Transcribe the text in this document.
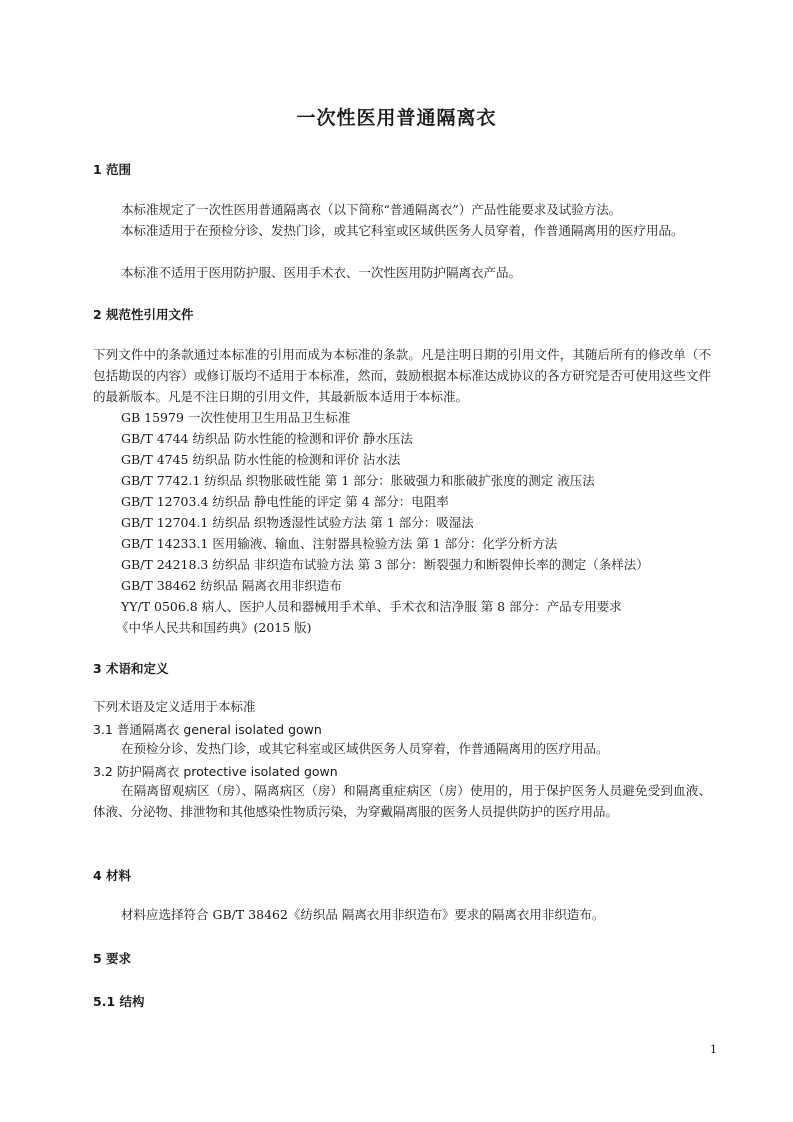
一次性医用普通隔离衣
1 范围
本标准规定了一次性医用普通隔离衣（以下简称“普通隔离衣”）产品性能要求及试验方法。
本标准适用于在预检分诊、发热门诊，或其它科室或区域供医务人员穿着，作普通隔离用的医疗用品。
本标准不适用于医用防护服、医用手术衣、一次性医用防护隔离衣产品。
2 规范性引用文件
下列文件中的条款通过本标准的引用而成为本标准的条款。凡是注明日期的引用文件，其随后所有的修改单（不包括勘误的内容）或修订版均不适用于本标准，然而，鼓励根据本标准达成协议的各方研究是否可使用这些文件的最新版本。凡是不注日期的引用文件，其最新版本适用于本标准。
GB 15979 一次性使用卫生用品卫生标准
GB/T 4744 纺织品 防水性能的检测和评价 静水压法
GB/T 4745 纺织品 防水性能的检测和评价 沾水法
GB/T 7742.1 纺织品 织物胀破性能 第 1 部分：胀破强力和胀破扩张度的测定 液压法
GB/T 12703.4 纺织品 静电性能的评定 第 4 部分：电阻率
GB/T 12704.1 纺织品 织物透湿性试验方法 第 1 部分：吸湿法
GB/T 14233.1 医用输液、输血、注射器具检验方法 第 1 部分：化学分析方法
GB/T 24218.3 纺织品 非织造布试验方法 第 3 部分：断裂强力和断裂伸长率的测定（条样法）
GB/T 38462 纺织品 隔离衣用非织造布
YY/T 0506.8 病人、医护人员和器械用手术单、手术衣和洁净服 第 8 部分：产品专用要求
《中华人民共和国药典》(2015 版)
3 术语和定义
下列术语及定义适用于本标准
3.1 普通隔离衣 general isolated gown
在预检分诊、发热门诊，或其它科室或区域供医务人员穿着，作普通隔离用的医疗用品。
3.2 防护隔离衣 protective isolated gown
在隔离留观病区（房）、隔离病区（房）和隔离重症病区（房）使用的，用于保护医务人员避免受到血液、体液、分泌物、排泄物和其他感染性物质污染，为穿戴隔离服的医务人员提供防护的医疗用品。
4 材料
材料应选择符合 GB/T 38462《纺织品 隔离衣用非织造布》要求的隔离衣用非织造布。
5 要求
5.1 结构
1
